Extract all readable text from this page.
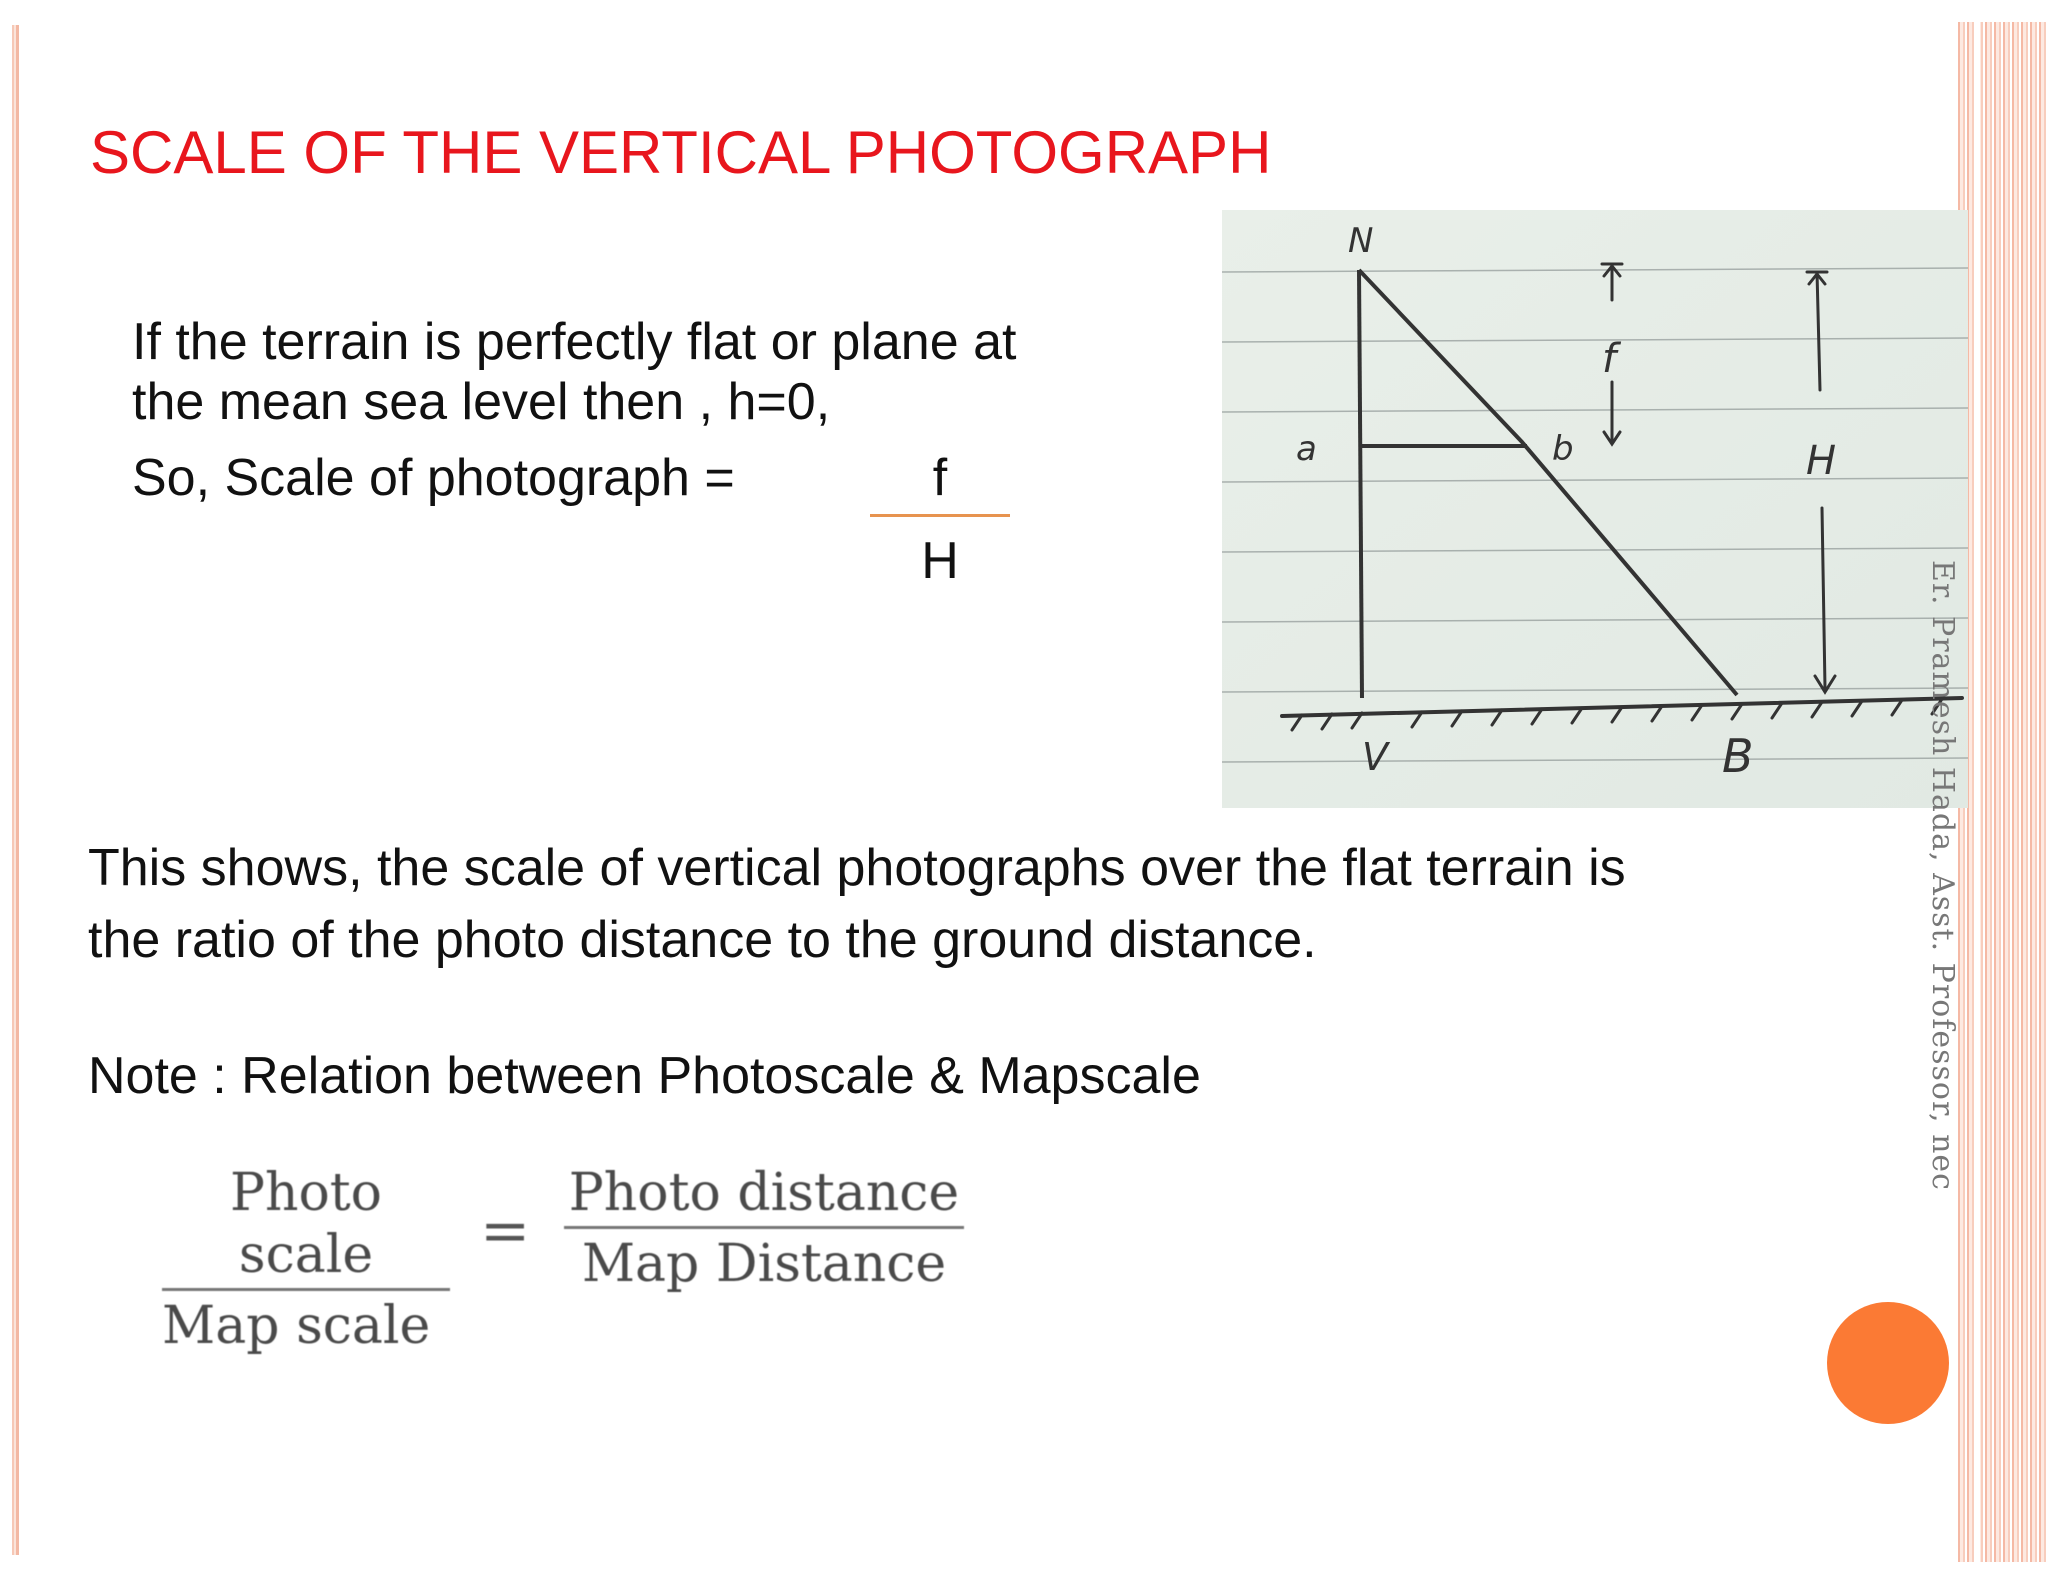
SCALE OF THE VERTICAL PHOTOGRAPH

If the terrain is perfectly flat or plane at
the mean sea level then , h=0,

So, Scale of photograph =	f
H
N
a	b
f
H
V	B

This shows, the scale of vertical photographs over the flat terrain is
the ratio of the photo distance to the ground distance.

Note : Relation between Photoscale & Mapscale

Photo scale
Map scale
=
Photo distance
Map Distance
Er. Pramesh Hada, Asst. Professor, nec
